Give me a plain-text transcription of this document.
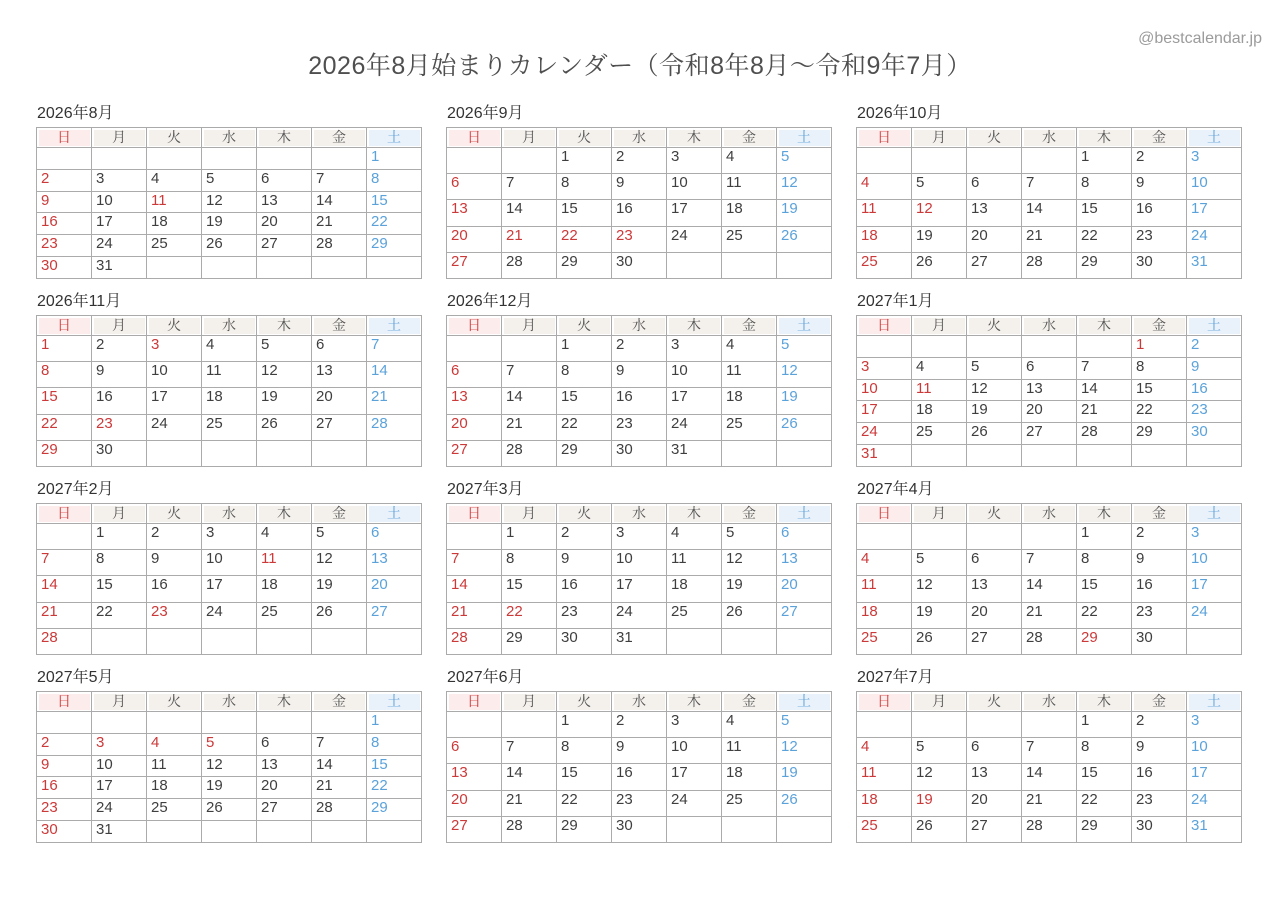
@bestcalendar.jp
2026年8月始まりカレンダー（令和8年8月〜令和9年7月）
2026年8月
日	月	火	水	木	金	土
						1
2	3	4	5	6	7	8
9	10	11	12	13	14	15
16	17	18	19	20	21	22
23	24	25	26	27	28	29
30	31					
2026年9月
日	月	火	水	木	金	土
		1	2	3	4	5
6	7	8	9	10	11	12
13	14	15	16	17	18	19
20	21	22	23	24	25	26
27	28	29	30			
2026年10月
日	月	火	水	木	金	土
				1	2	3
4	5	6	7	8	9	10
11	12	13	14	15	16	17
18	19	20	21	22	23	24
25	26	27	28	29	30	31
2026年11月
日	月	火	水	木	金	土
1	2	3	4	5	6	7
8	9	10	11	12	13	14
15	16	17	18	19	20	21
22	23	24	25	26	27	28
29	30					
2026年12月
日	月	火	水	木	金	土
		1	2	3	4	5
6	7	8	9	10	11	12
13	14	15	16	17	18	19
20	21	22	23	24	25	26
27	28	29	30	31		
2027年1月
日	月	火	水	木	金	土
					1	2
3	4	5	6	7	8	9
10	11	12	13	14	15	16
17	18	19	20	21	22	23
24	25	26	27	28	29	30
31						
2027年2月
日	月	火	水	木	金	土
	1	2	3	4	5	6
7	8	9	10	11	12	13
14	15	16	17	18	19	20
21	22	23	24	25	26	27
28						
2027年3月
日	月	火	水	木	金	土
	1	2	3	4	5	6
7	8	9	10	11	12	13
14	15	16	17	18	19	20
21	22	23	24	25	26	27
28	29	30	31			
2027年4月
日	月	火	水	木	金	土
				1	2	3
4	5	6	7	8	9	10
11	12	13	14	15	16	17
18	19	20	21	22	23	24
25	26	27	28	29	30	
2027年5月
日	月	火	水	木	金	土
						1
2	3	4	5	6	7	8
9	10	11	12	13	14	15
16	17	18	19	20	21	22
23	24	25	26	27	28	29
30	31					
2027年6月
日	月	火	水	木	金	土
		1	2	3	4	5
6	7	8	9	10	11	12
13	14	15	16	17	18	19
20	21	22	23	24	25	26
27	28	29	30			
2027年7月
日	月	火	水	木	金	土
				1	2	3
4	5	6	7	8	9	10
11	12	13	14	15	16	17
18	19	20	21	22	23	24
25	26	27	28	29	30	31
